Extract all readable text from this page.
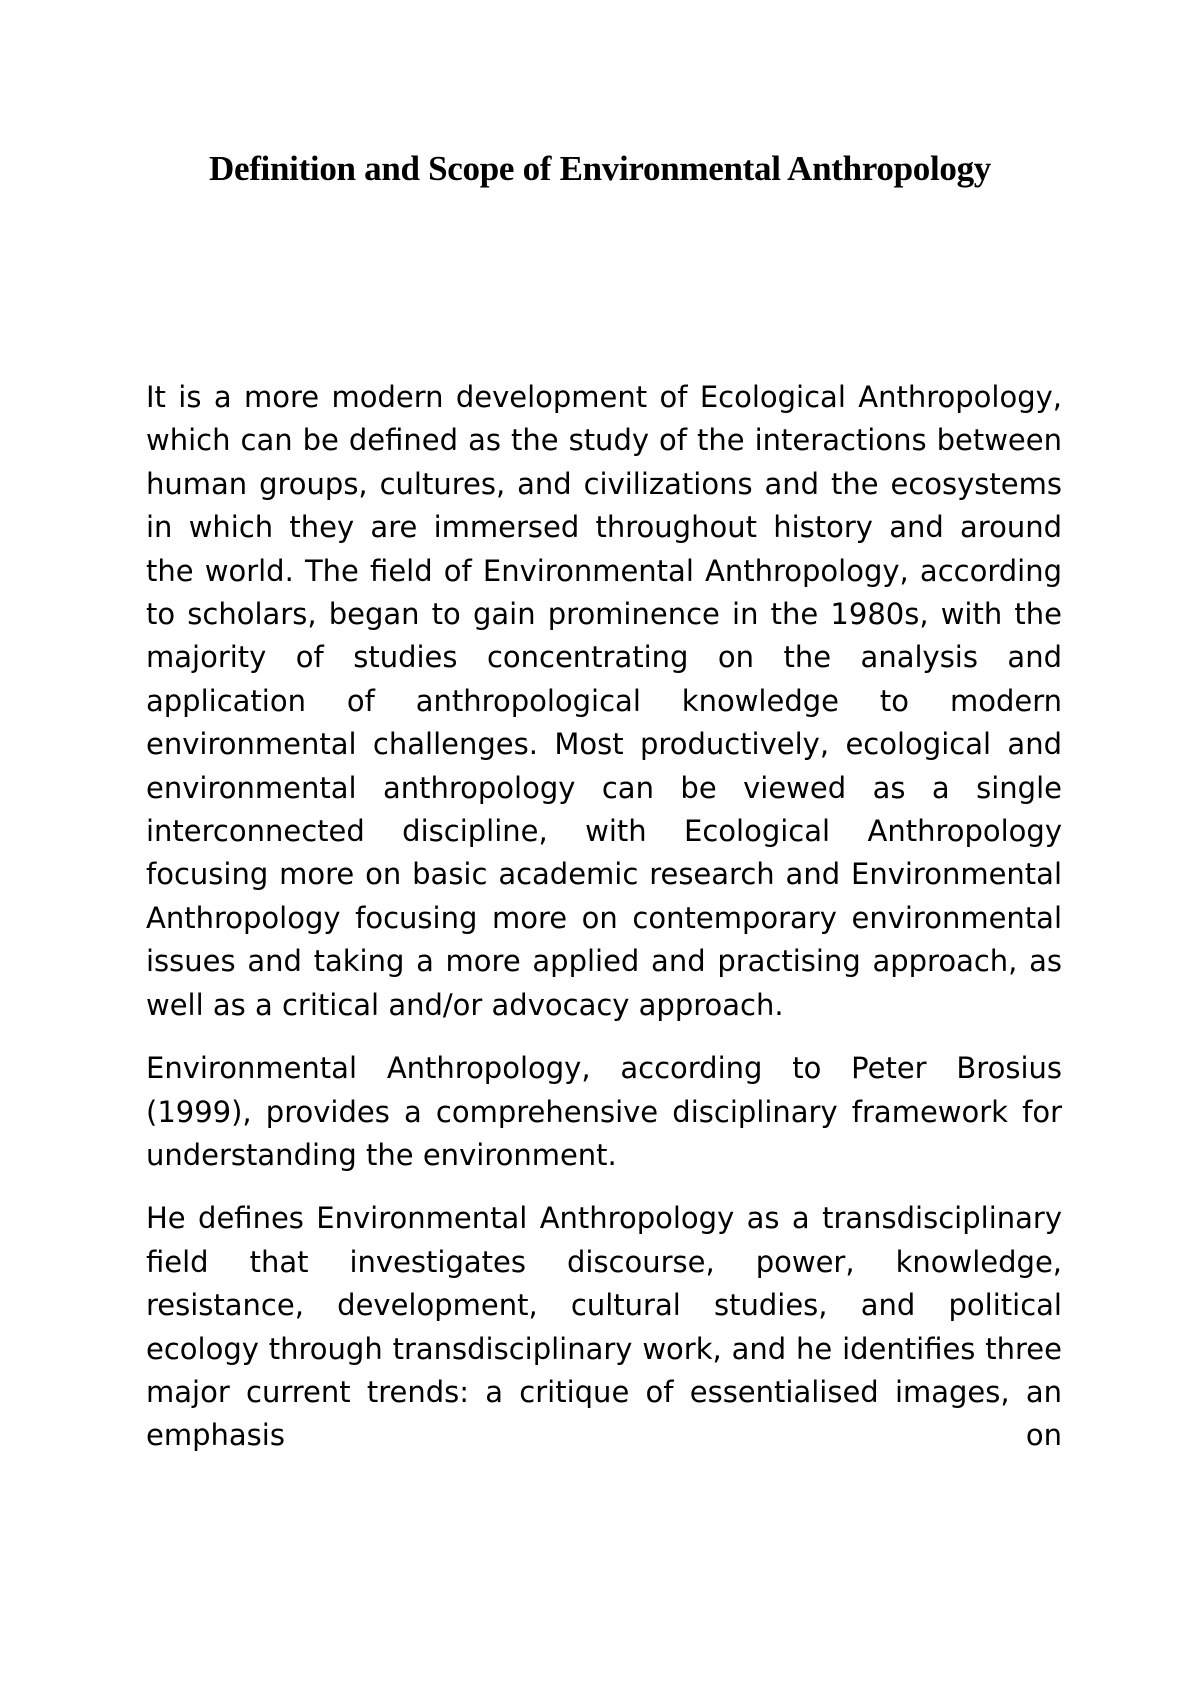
Definition and Scope of Environmental Anthropology

It is a more modern development of Ecological Anthropology, which can be defined as the study of the interactions between human groups, cultures, and civilizations and the ecosystems in which they are immersed throughout history and around the world. The field of Environmental Anthropology, according to scholars, began to gain prominence in the 1980s, with the majority of studies concentrating on the analysis and application of anthropological knowledge to modern environmental challenges. Most productively, ecological and environmental anthropology can be viewed as a single interconnected discipline, with Ecological Anthropology focusing more on basic academic research and Environmental Anthropology focusing more on contemporary environmental issues and taking a more applied and practising approach, as well as a critical and/or advocacy approach.

Environmental Anthropology, according to Peter Brosius (1999), provides a comprehensive disciplinary framework for understanding the environment.

He defines Environmental Anthropology as a transdisciplinary field that investigates discourse, power, knowledge, resistance, development, cultural studies, and political ecology through transdisciplinary work, and he identifies three major current trends: a critique of essentialised images, an emphasis on
